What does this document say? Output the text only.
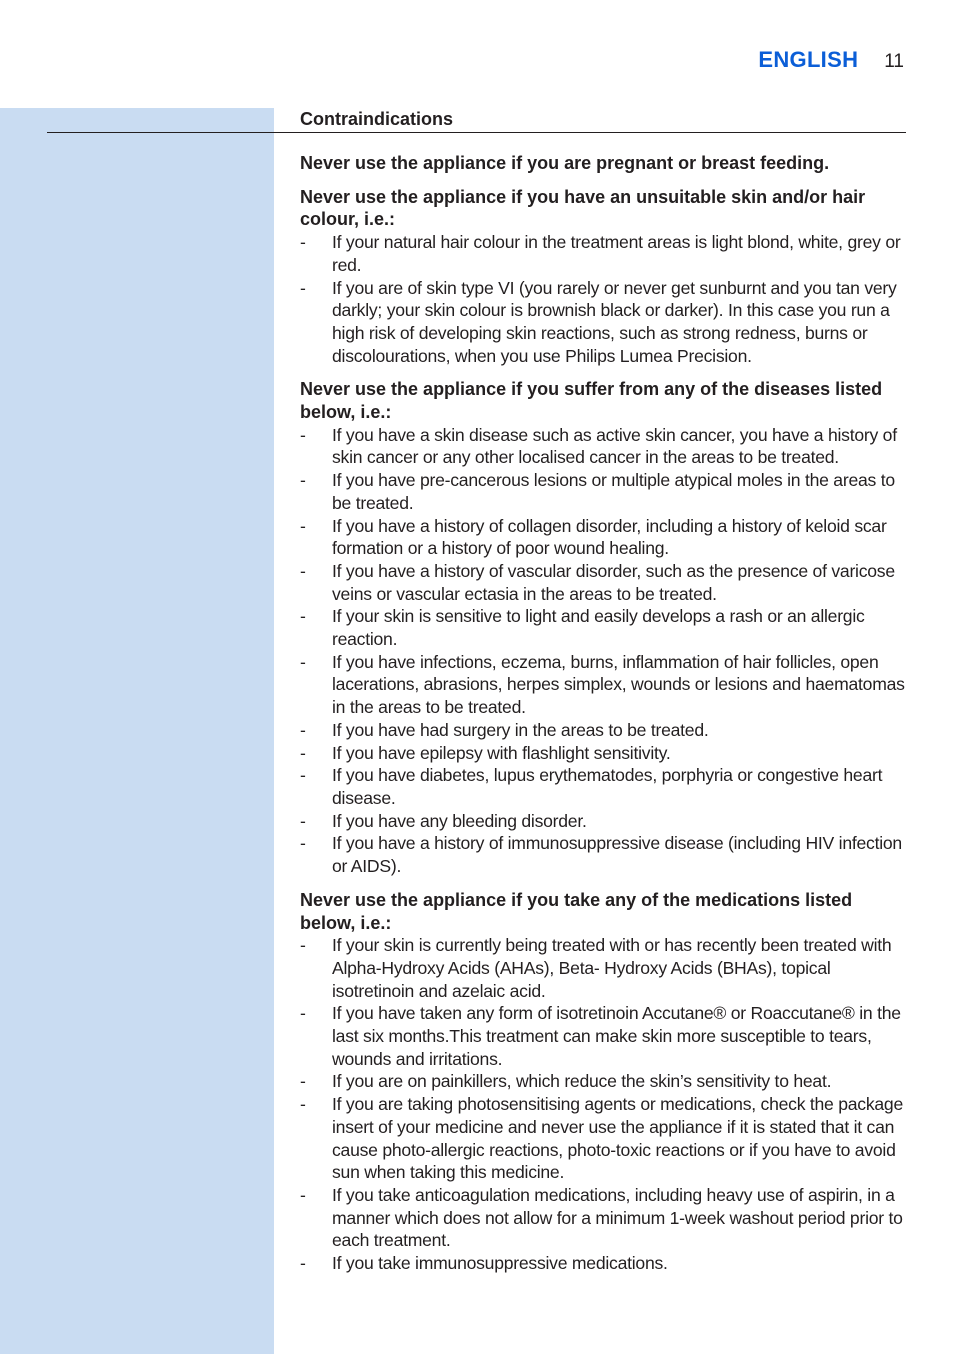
ENGLISH 11
Contraindications

Never use the appliance if you are pregnant or breast feeding.

Never use the appliance if you have an unsuitable skin and/or hair colour, i.e.:

- If your natural hair colour in the treatment areas is light blond, white, grey or red.
- If you are of skin type VI (you rarely or never get sunburnt and you tan very darkly; your skin colour is brownish black or darker). In this case you run a high risk of developing skin reactions, such as strong redness, burns or discolourations, when you use Philips Lumea Precision.

Never use the appliance if you suffer from any of the diseases listed below, i.e.:

- If you have a skin disease such as active skin cancer, you have a history of skin cancer or any other localised cancer in the areas to be treated.
- If you have pre-cancerous lesions or multiple atypical moles in the areas to be treated.
- If you have a history of collagen disorder, including a history of keloid scar formation or a history of poor wound healing.
- If you have a history of vascular disorder, such as the presence of varicose veins or vascular ectasia in the areas to be treated.
- If your skin is sensitive to light and easily develops a rash or an allergic reaction.
- If you have infections, eczema, burns, inflammation of hair follicles, open lacerations, abrasions, herpes simplex, wounds or lesions and haematomas in the areas to be treated.
- If you have had surgery in the areas to be treated.
- If you have epilepsy with flashlight sensitivity.
- If you have diabetes, lupus erythematodes, porphyria or congestive heart disease.
- If you have any bleeding disorder.
- If you have a history of immunosuppressive disease (including HIV infection or AIDS).

Never use the appliance if you take any of the medications listed below, i.e.:

- If your skin is currently being treated with or has recently been treated with Alpha-Hydroxy Acids (AHAs), Beta- Hydroxy Acids (BHAs), topical isotretinoin and azelaic acid.
- If you have taken any form of isotretinoin Accutane® or Roaccutane® in the last six months.This treatment can make skin more susceptible to tears, wounds and irritations.
- If you are on painkillers, which reduce the skin’s sensitivity to heat.
- If you are taking photosensitising agents or medications, check the package insert of your medicine and never use the appliance if it is stated that it can cause photo-allergic reactions, photo-toxic reactions or if you have to avoid sun when taking this medicine.
- If you take anticoagulation medications, including heavy use of aspirin, in a manner which does not allow for a minimum 1-week washout period prior to each treatment.
- If you take immunosuppressive medications.
